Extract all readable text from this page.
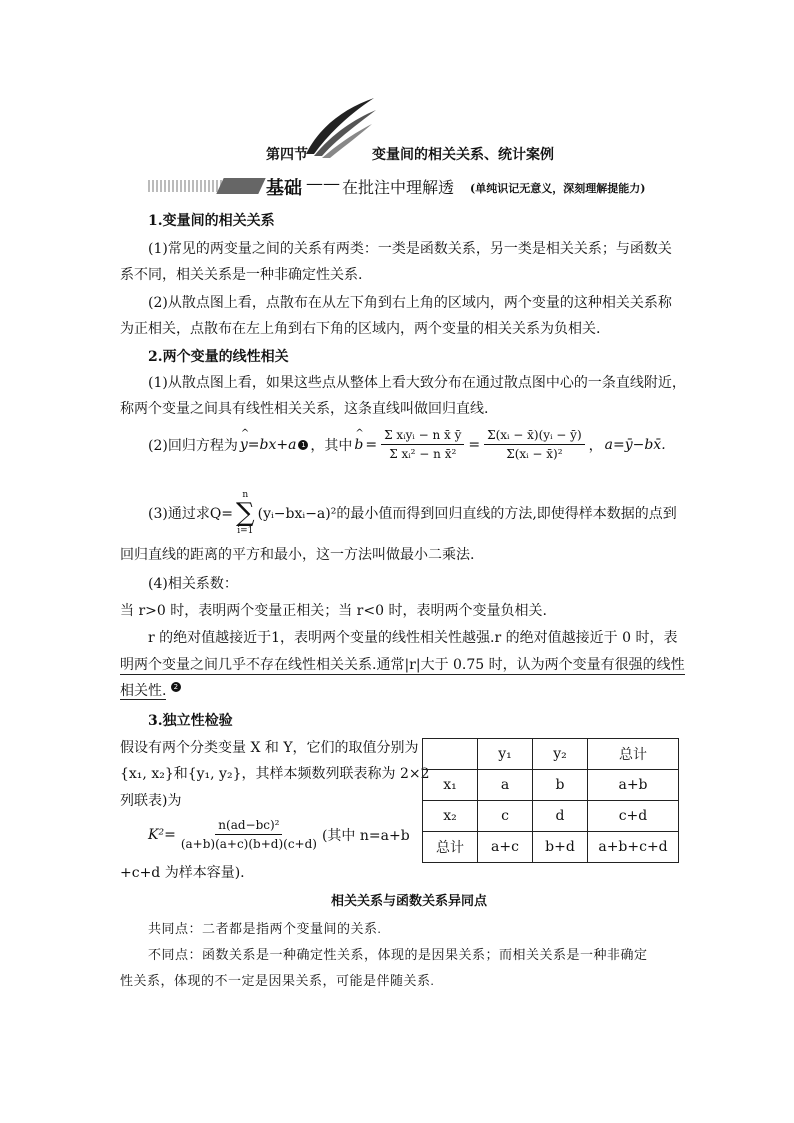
第四节	变量间的相关关系、统计案例
基础 —— 在批注中理解透 (单纯识记无意义，深刻理解提能力)
1.变量间的相关关系
(1)常见的两变量之间的关系有两类：一类是函数关系，另一类是相关关系；与函数关
系不同，相关关系是一种非确定性关系.
(2)从散点图上看，点散布在从左下角到右上角的区域内，两个变量的这种相关关系称
为正相关，点散布在左上角到右下角的区域内，两个变量的相关关系为负相关.
2.两个变量的线性相关
(1)从散点图上看，如果这些点从整体上看大致分布在通过散点图中心的一条直线附近，
称两个变量之间具有线性相关关系，这条直线叫做回归直线.
(2)回归方程为 ^ y=bx+a 1 ，其中 ^ $b = \frac{\text{Σ xᵢyᵢ − n x̄ ȳ}}{\text{Σ xᵢ² − n x̄²}} = \frac{\text{Σ(xᵢ − x̄)(yᵢ − ȳ)}}{\text{Σ(xᵢ − x̄)²}}$ ， a=ȳ−bx̄.
(3)通过求Q=
n
∑
i=1
(yᵢ−bxᵢ−a)²的最小值而得到回归直线的方法,即使得样本数据的点到
回归直线的距离的平方和最小，这一方法叫做最小二乘法.
(4)相关系数：
当 r>0 时，表明两个变量正相关；当 r<0 时，表明两个变量负相关.
r 的绝对值越接近于1，表明两个变量的线性相关性越强.r 的绝对值越接近于 0 时，表
明两个变量之间几乎不存在线性相关关系.通常|r|大于 0.75 时，认为两个变量有很强的线性
相关性. 2
3.独立性检验
假设有两个分类变量 X 和 Y，它们的取值分别为
{x₁, x₂}和{y₁, y₂}，其样本频数列联表称为 2×2
列联表)为
$K^2= \frac{\text{n(ad−bc)²}}{(a+b)(a+c)(b+d)(c+d)}$ (其中 n=a+b
+c+d 为样本容量).
	y₁	y₂	总计
x₁	a	b	a+b
x₂	c	d	c+d
总计	a+c	b+d	a+b+c+d
相关关系与函数关系异同点
共同点：二者都是指两个变量间的关系.
不同点：函数关系是一种确定性关系，体现的是因果关系；而相关关系是一种非确定
性关系，体现的不一定是因果关系，可能是伴随关系.
